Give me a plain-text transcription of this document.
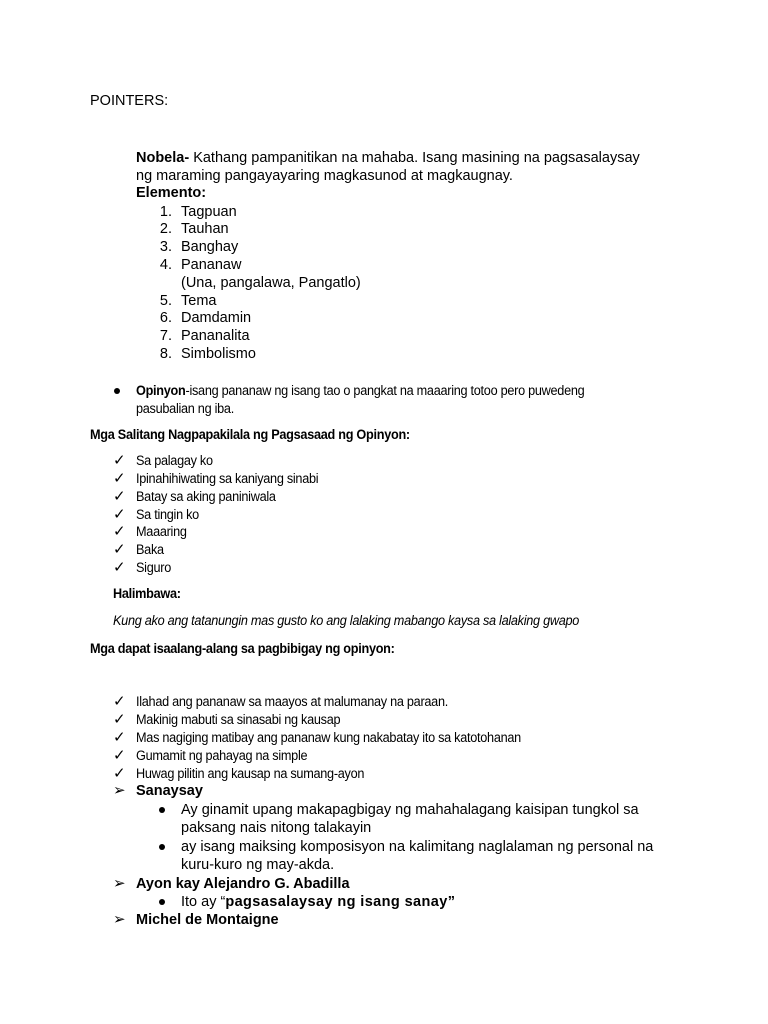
POINTERS:
Nobela- Kathang pampanitikan na mahaba. Isang masining na pagsasalaysay
ng maraming pangayayaring magkasunod at magkaugnay.
Elemento:
1. Tagpuan
2. Tauhan
3. Banghay
4. Pananaw
(Una, pangalawa, Pangatlo)
5. Tema
6. Damdamin
7. Pananalita
8. Simbolismo
Opinyon-isang pananaw ng isang tao o pangkat na maaaring totoo pero puwedeng
pasubalian ng iba.
Mga Salitang Nagpapakilala ng Pagsasaad ng Opinyon:
✓ Sa palagay ko
✓ Ipinahihiwating sa kaniyang sinabi
✓ Batay sa aking paniniwala
✓ Sa tingin ko
✓ Maaaring
✓ Baka
✓ Siguro
Halimbawa:
Kung ako ang tatanungin mas gusto ko ang lalaking mabango kaysa sa lalaking gwapo
Mga dapat isaalang-alang sa pagbibigay ng opinyon:
✓ Ilahad ang pananaw sa maayos at malumanay na paraan.
✓ Makinig mabuti sa sinasabi ng kausap
✓ Mas nagiging matibay ang pananaw kung nakabatay ito sa katotohanan
✓ Gumamit ng pahayag na simple
✓ Huwag pilitin ang kausap na sumang-ayon
➢ Sanaysay
Ay ginamit upang makapagbigay ng mahahalagang kaisipan tungkol sa
paksang nais nitong talakayin
ay isang maiksing komposisyon na kalimitang naglalaman ng personal na
kuru-kuro ng may-akda.
➢ Ayon kay Alejandro G. Abadilla
Ito ay “pagsasalaysay ng isang sanay”
➢ Michel de Montaigne
